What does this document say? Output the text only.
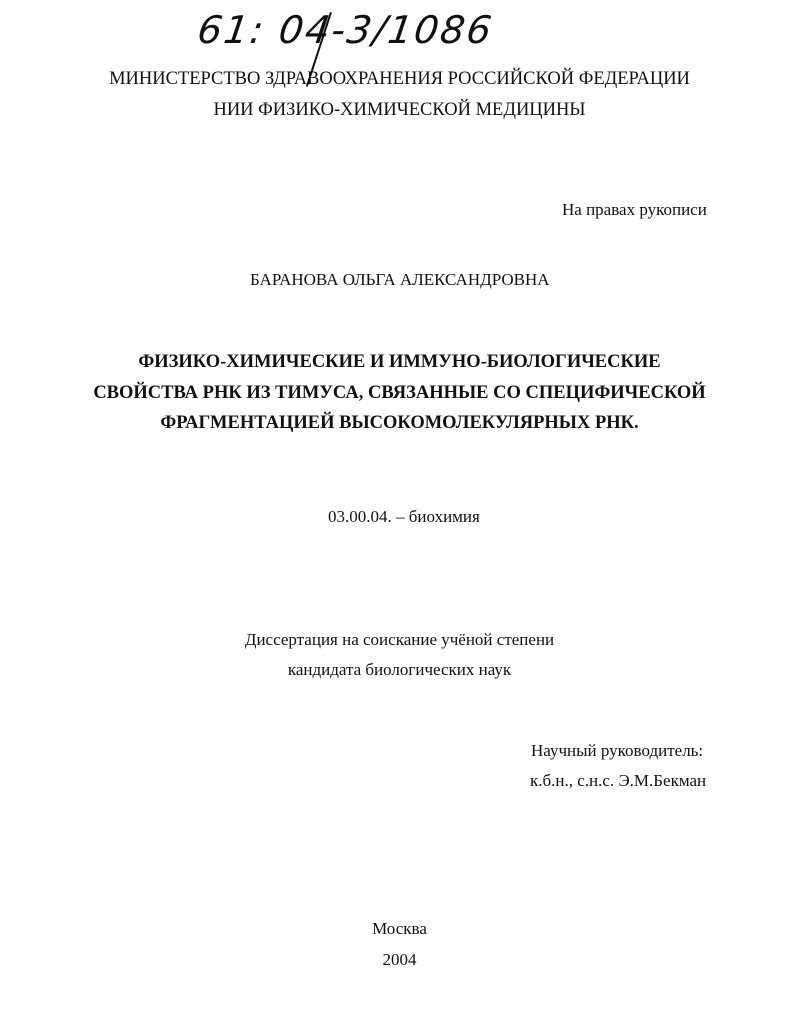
61: 04-3/1086
МИНИСТЕРСТВО ЗДРАВООХРАНЕНИЯ РОССИЙСКОЙ ФЕДЕРАЦИИ
НИИ ФИЗИКО-ХИМИЧЕСКОЙ МЕДИЦИНЫ
На правах рукописи
БАРАНОВА ОЛЬГА АЛЕКСАНДРОВНА
ФИЗИКО-ХИМИЧЕСКИЕ И ИММУНО-БИОЛОГИЧЕСКИЕ
СВОЙСТВА РНК ИЗ ТИМУСА, СВЯЗАННЫЕ СО СПЕЦИФИЧЕСКОЙ
ФРАГМЕНТАЦИЕЙ ВЫСОКОМОЛЕКУЛЯРНЫХ РНК.
03.00.04. – биохимия
Диссертация на соискание учёной степени
кандидата биологических наук
Научный руководитель:
к.б.н., с.н.с. Э.М.Бекман
Москва
2004
